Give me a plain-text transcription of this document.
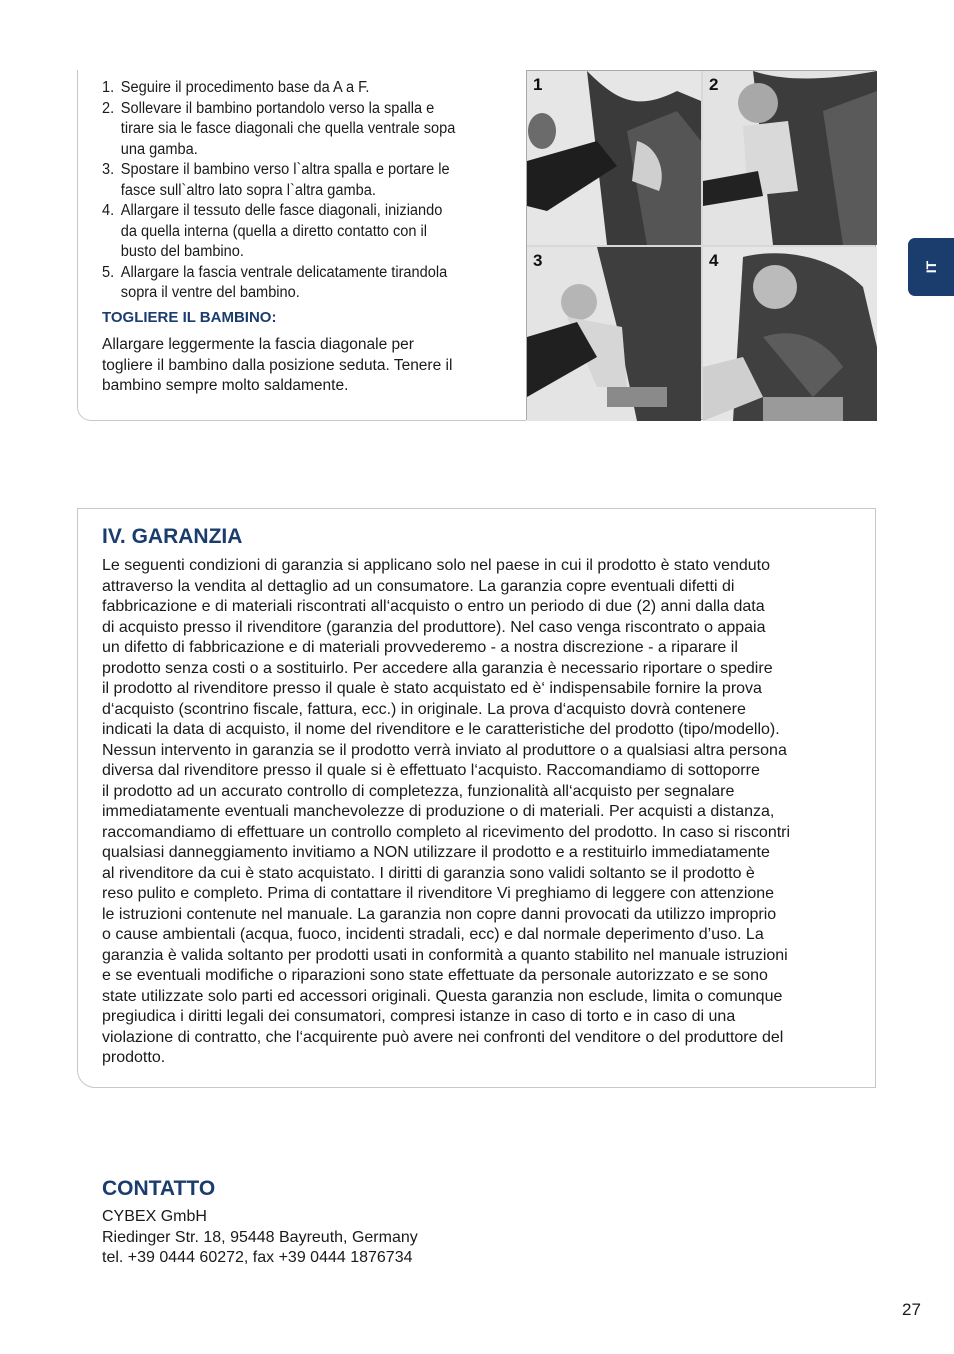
1. Seguire il procedimento base da A a F.
2. Sollevare il bambino portandolo verso la spalla e
tirare sia le fasce diagonali che quella ventrale sopa
una gamba.
3. Spostare il bambino verso l`altra spalla e portare le
fasce sull`altro lato sopra l`altra gamba.
4. Allargare il tessuto delle fasce diagonali, iniziando
da quella interna (quella a diretto contatto con il
busto del bambino.
5. Allargare la fascia ventrale delicatamente tirandola
sopra il ventre del bambino.
TOGLIERE IL BAMBINO:

Allargare leggermente la fascia diagonale per
togliere il bambino dalla posizione seduta. Tenere il
bambino sempre molto saldamente.

1	2
3	4	IT
IV. GARANZIA

Le seguenti condizioni di garanzia si applicano solo nel paese in cui il prodotto è stato venduto
attraverso la vendita al dettaglio ad un consumatore. La garanzia copre eventuali difetti di
fabbricazione e di materiali riscontrati all‘acquisto o entro un periodo di due (2) anni dalla data
di acquisto presso il rivenditore (garanzia del produttore). Nel caso venga riscontrato o appaia
un difetto di fabbricazione e di materiali provvederemo - a nostra discrezione - a riparare il
prodotto senza costi o a sostituirlo. Per accedere alla garanzia è necessario riportare o spedire
il prodotto al rivenditore presso il quale è stato acquistato ed è‘ indispensabile fornire la prova
d‘acquisto (scontrino fiscale, fattura, ecc.) in originale. La prova d‘acquisto dovrà contenere
indicati la data di acquisto, il nome del rivenditore e le caratteristiche del prodotto (tipo/modello).
Nessun intervento in garanzia se il prodotto verrà inviato al produttore o a qualsiasi altra persona
diversa dal rivenditore presso il quale si è effettuato l‘acquisto. Raccomandiamo di sottoporre
il prodotto ad un accurato controllo di completezza, funzionalità all‘acquisto per segnalare
immediatamente eventuali manchevolezze di produzione o di materiali. Per acquisti a distanza,
raccomandiamo di effettuare un controllo completo al ricevimento del prodotto. In caso si riscontri
qualsiasi danneggiamento invitiamo a NON utilizzare il prodotto e a restituirlo immediatamente
al rivenditore da cui è stato acquistato. I diritti di garanzia sono validi soltanto se il prodotto è
reso pulito e completo. Prima di contattare il rivenditore Vi preghiamo di leggere con attenzione
le istruzioni contenute nel manuale. La garanzia non copre danni provocati da utilizzo improprio
o cause ambientali (acqua, fuoco, incidenti stradali, ecc) e dal normale deperimento d’uso. La
garanzia è valida soltanto per prodotti usati in conformità a quanto stabilito nel manuale istruzioni
e se eventuali modifiche o riparazioni sono state effettuate da personale autorizzato e se sono
state utilizzate solo parti ed accessori originali. Questa garanzia non esclude, limita o comunque
pregiudica i diritti legali dei consumatori, compresi istanze in caso di torto e in caso di una
violazione di contratto, che l‘acquirente può avere nei confronti del venditore o del produttore del
prodotto.

CONTATTO

CYBEX GmbH
Riedinger Str. 18, 95448 Bayreuth, Germany
tel. +39 0444 60272, fax +39 0444 1876734

27
